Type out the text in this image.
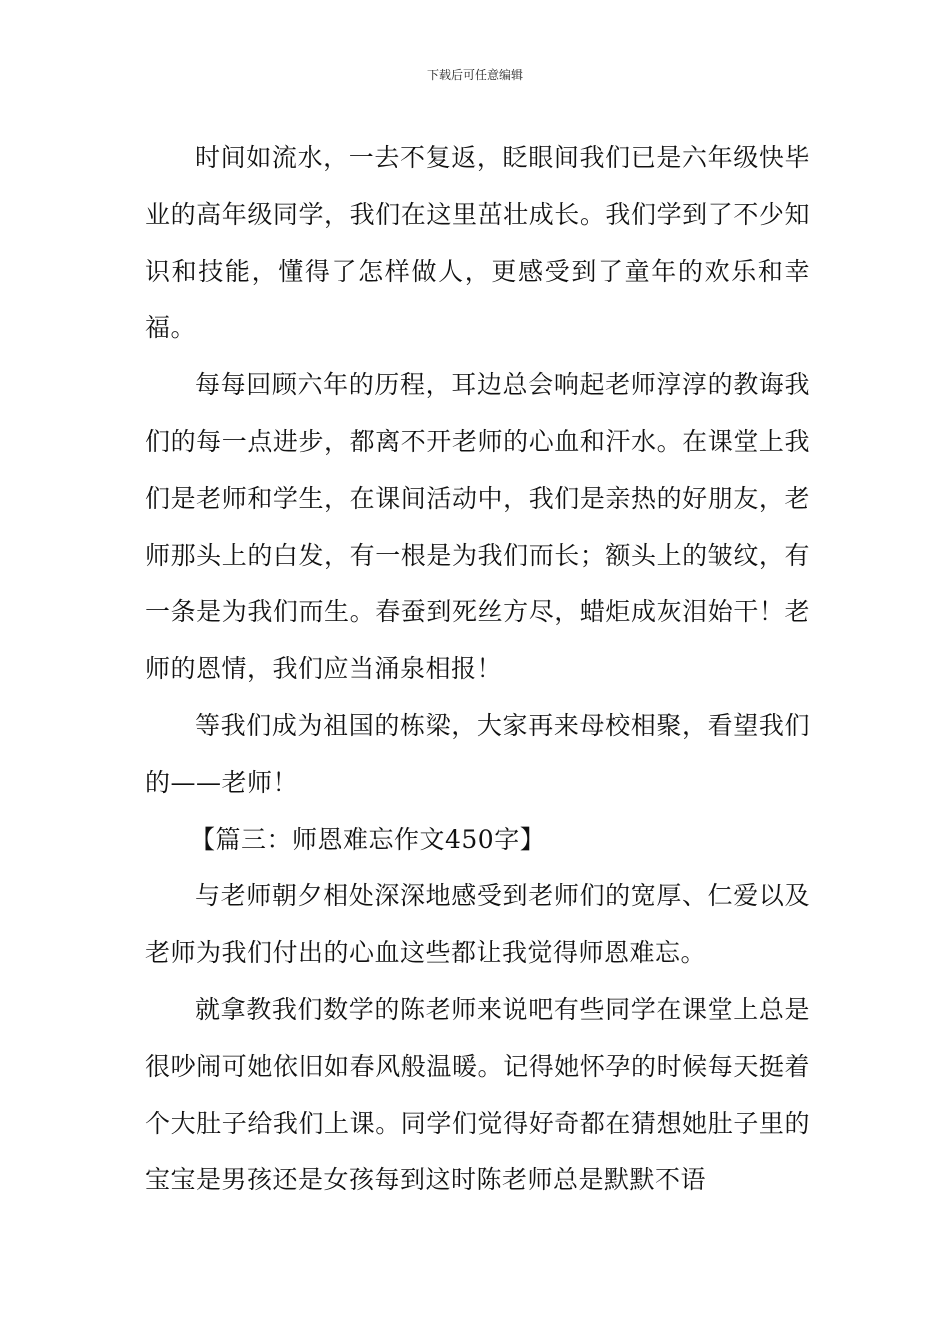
下载后可任意编辑

时间如流水，一去不复返，眨眼间我们已是六年级快毕业的高年级同学，我们在这里茁壮成长。我们学到了不少知识和技能，懂得了怎样做人，更感受到了童年的欢乐和幸福。

每每回顾六年的历程，耳边总会响起老师淳淳的教诲我们的每一点进步，都离不开老师的心血和汗水。在课堂上我们是老师和学生，在课间活动中，我们是亲热的好朋友，老师那头上的白发，有一根是为我们而长；额头上的皱纹，有一条是为我们而生。春蚕到死丝方尽，蜡炬成灰泪始干！老师的恩情，我们应当涌泉相报！

等我们成为祖国的栋梁，大家再来母校相聚，看望我们的——老师！

【篇三：师恩难忘作文450字】

与老师朝夕相处深深地感受到老师们的宽厚、仁爱以及老师为我们付出的心血这些都让我觉得师恩难忘。

就拿教我们数学的陈老师来说吧有些同学在课堂上总是很吵闹可她依旧如春风般温暖。记得她怀孕的时候每天挺着个大肚子给我们上课。同学们觉得好奇都在猜想她肚子里的宝宝是男孩还是女孩每到这时陈老师总是默默不语
